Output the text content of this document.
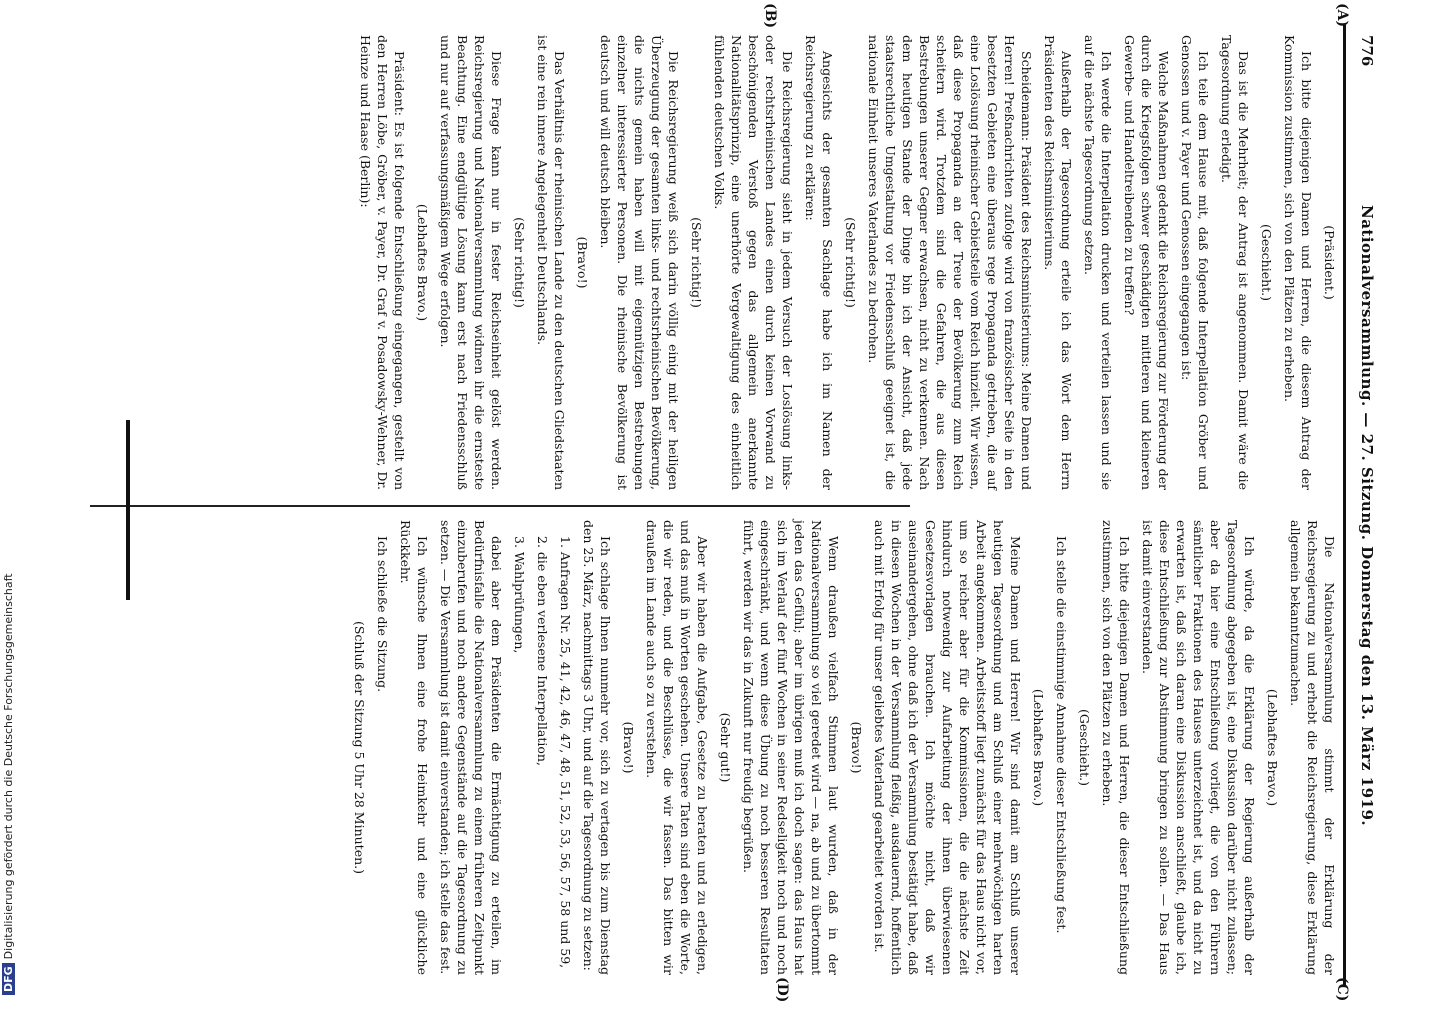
776
Nationalversammlung. — 27. Sitzung. Donnerstag den 13. März 1919.

(Präsident.)

Ich bitte diejenigen Damen und Herren, die diesem Antrag der Kommission zustimmen, sich von den Plätzen zu erheben.

(Geschieht.)

Das ist die Mehrheit; der Antrag ist angenommen. Damit wäre die Tagesordnung erledigt.

Ich teile dem Hause mit, daß folgende Interpellation Gröber und Genossen und v. Payer und Genossen eingegangen ist:

Welche Maßnahmen gedenkt die Reichsregierung zur Förderung der durch die Kriegsfolgen schwer geschädigten mittleren und kleineren Gewerbe- und Handeltreibenden zu treffen?

Ich werde die Interpellation drucken und verteilen lassen und sie auf die nächste Tagesordnung setzen.

Außerhalb der Tagesordnung erteile ich das Wort dem Herrn Präsidenten des Reichsministeriums.

Scheidemann: Präsident des Reichsministeriums: Meine Damen und Herren! Preßnachrichten zufolge wird von französischer Seite in den besetzten Gebieten eine überaus rege Propaganda getrieben, die auf eine Loslösung rheinischer Gebietsteile vom Reich hinzielt. Wir wissen, daß diese Propaganda an der Treue der Bevölkerung zum Reich scheitern wird. Trotzdem sind die Gefahren, die aus diesen Bestrebungen unserer Gegner erwachsen, nicht zu verkennen. Nach dem heutigen Stande der Dinge bin ich der Ansicht, daß jede staatsrechtliche Umgestaltung vor Friedensschluß geeignet ist, die nationale Einheit unseres Vaterlandes zu bedrohen.

(Sehr richtig!)

Angesichts der gesamten Sachlage habe ich im Namen der Reichsregierung zu erklären:

Die Reichsregierung sieht in jedem Versuch der Loslösung links- oder rechtsrheinischen Landes einen durch keinen Vorwand zu beschönigenden Verstoß gegen das allgemein anerkannte Nationalitätsprinzip, eine unerhörte Vergewaltigung des einheitlich fühlenden deutschen Volks.

(Sehr richtig!)

Die Reichsregierung weiß sich darin völlig einig mit der heiligen Überzeugung der gesamten links- und rechtsrheinischen Bevölkerung, die nichts gemein haben will mit eigennützigen Bestrebungen einzelner interessierter Personen. Die rheinische Bevölkerung ist deutsch und will deutsch bleiben.

(Bravo!)

Das Verhältnis der rheinischen Lande zu den deutschen Gliedstaaten ist eine rein innere Angelegenheit Deutschlands.

(Sehr richtig!)

Diese Frage kann nur in fester Reichseinheit gelöst werden. Reichsregierung und Nationalversammlung widmen ihr die ernsteste Beachtung. Eine endgültige Lösung kann erst nach Friedensschluß und nur auf verfassungsmäßigem Wege erfolgen.

(Lebhaftes Bravo.)

Präsident: Es ist folgende Entschließung eingegangen, gestellt von den Herren Löbe, Gröber, v. Payer, Dr. Graf v. Posadowsky-Wehner, Dr. Heinze und Haase (Berlin):

Die Nationalversammlung stimmt der Erklärung der Reichsregierung zu und erhebt die Reichsregierung, diese Erklärung allgemein bekanntzumachen.

(Lebhaftes Bravo.)

Ich würde, da die Erklärung der Regierung außerhalb der Tagesordnung abgegeben ist, eine Diskussion darüber nicht zulassen; aber da hier eine Entschließung vorliegt, die von den Führern sämtlicher Fraktionen des Hauses unterzeichnet ist, und da nicht zu erwarten ist, daß sich daran eine Diskussion anschließt, glaube ich, diese Entschließung zur Abstimmung bringen zu sollen. — Das Haus ist damit einverstanden.

Ich bitte diejenigen Damen und Herren, die dieser Entschließung zustimmen, sich von den Plätzen zu erheben.

(Geschieht.)

Ich stelle die einstimmige Annahme dieser Entschließung fest.

(Lebhaftes Bravo.)

Meine Damen und Herren! Wir sind damit am Schluß unserer heutigen Tagesordnung und am Schluß einer mehrwöchigen harten Arbeit angekommen. Arbeitsstoff liegt zunächst für das Haus nicht vor, um so reicher aber für die Kommissionen, die die nächste Zeit hindurch notwendig zur Aufarbeitung der ihnen überwiesenen Gesetzesvorlagen brauchen. Ich möchte nicht, daß wir auseinandergehen, ohne daß ich der Versammlung bestätigt habe, daß in diesen Wochen in der Versammlung fleißig, ausdauernd, hoffentlich auch mit Erfolg für unser geliebtes Vaterland gearbeitet worden ist.

(Bravo!)

Wenn draußen vielfach Stimmen laut wurden, daß in der Nationalversammlung so viel geredet wird — na, ab und zu übertommt jeden das Gefühl; aber im übrigen muß ich doch sagen: das Haus hat sich im Verlauf der fünf Wochen in seiner Redseligkeit noch und noch eingeschränkt, und wenn diese Übung zu noch besseren Resultaten führt, werden wir das in Zukunft nur freudig begrüßen.

(Sehr gut!)

Aber wir haben die Aufgabe, Gesetze zu beraten und zu erledigen, und das muß in Worten geschehen. Unsere Taten sind eben die Worte, die wir reden, und die Beschlüsse, die wir fassen. Das bitten wir draußen im Lande auch so zu verstehen.

(Bravo!)

Ich schlage Ihnen nunmehr vor, sich zu vertagen bis zum Dienstag den 25. März, nachmittags 3 Uhr, und auf die Tagesordnung zu setzen:

1. Anfragen Nr. 25, 41, 42, 46, 47, 48, 51, 52, 53, 56, 57, 58 und 59,

2. die eben verlesene Interpellation,

3. Wahlprüfungen,

dabei aber dem Präsidenten die Ermächtigung zu erteilen, im Bedürfnisfalle die Nationalversammlung zu einem früheren Zeitpunkt einzuberufen und noch andere Gegenstände auf die Tagesordnung zu setzen. — Die Versammlung ist damit einverstanden; ich stelle das fest.

Ich wünsche Ihnen eine frohe Heimkehr und eine glückliche Rückkehr.

Ich schließe die Sitzung.

(Schluß der Sitzung 5 Uhr 28 Minuten.)

(A)
(B)
(C)
(D)
DFGDigitalisierung gefördert durch die Deutsche Forschungsgemeinschaft
